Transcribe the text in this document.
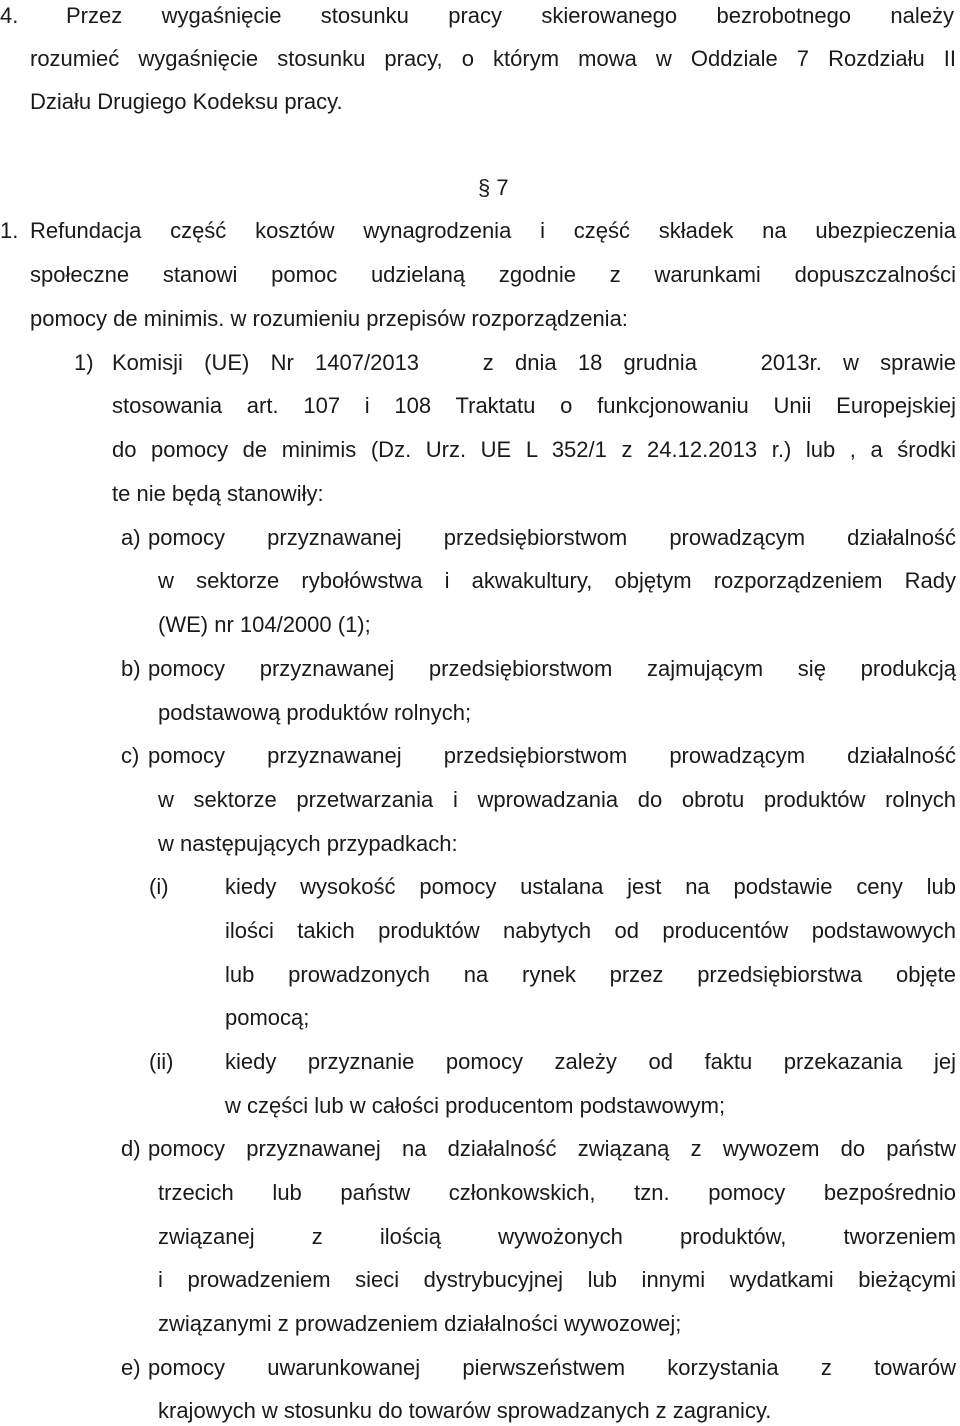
4. Przez wygaśnięcie stosunku pracy skierowanego bezrobotnego należy
rozumieć wygaśnięcie stosunku pracy, o którym mowa w Oddziale 7 Rozdziału II
Działu Drugiego Kodeksu pracy.
§ 7
1. Refundacja część kosztów wynagrodzenia i część składek na ubezpieczenia
społeczne stanowi pomoc udzielaną zgodnie z warunkami dopuszczalności
pomocy de minimis. w rozumieniu przepisów rozporządzenia:
1) Komisji (UE) Nr 1407/2013   z dnia 18 grudnia   2013r. w sprawie
stosowania art. 107 i 108 Traktatu o funkcjonowaniu Unii Europejskiej
do pomocy de minimis (Dz. Urz. UE L 352/1 z 24.12.2013 r.) lub , a środki
te nie będą stanowiły:
a) pomocy przyznawanej przedsiębiorstwom prowadzącym działalność
w sektorze rybołówstwa i akwakultury, objętym rozporządzeniem Rady
(WE) nr 104/2000 (1);
b) pomocy przyznawanej przedsiębiorstwom zajmującym się produkcją
podstawową produktów rolnych;
c) pomocy przyznawanej przedsiębiorstwom prowadzącym działalność
w sektorze przetwarzania i wprowadzania do obrotu produktów rolnych
w następujących przypadkach:
(i)	kiedy wysokość pomocy ustalana jest na podstawie ceny lub
ilości takich produktów nabytych od producentów podstawowych
lub prowadzonych na rynek przez przedsiębiorstwa objęte
pomocą;
(ii) kiedy przyznanie pomocy zależy od faktu przekazania jej
w części lub w całości producentom podstawowym;
d) pomocy przyznawanej na działalność związaną z wywozem do państw
trzecich lub państw członkowskich, tzn. pomocy bezpośrednio
związanej z ilością wywożonych produktów, tworzeniem
i prowadzeniem sieci dystrybucyjnej lub innymi wydatkami bieżącymi
związanymi z prowadzeniem działalności wywozowej;
e) pomocy uwarunkowanej pierwszeństwem korzystania z towarów
krajowych w stosunku do towarów sprowadzanych z zagranicy.
